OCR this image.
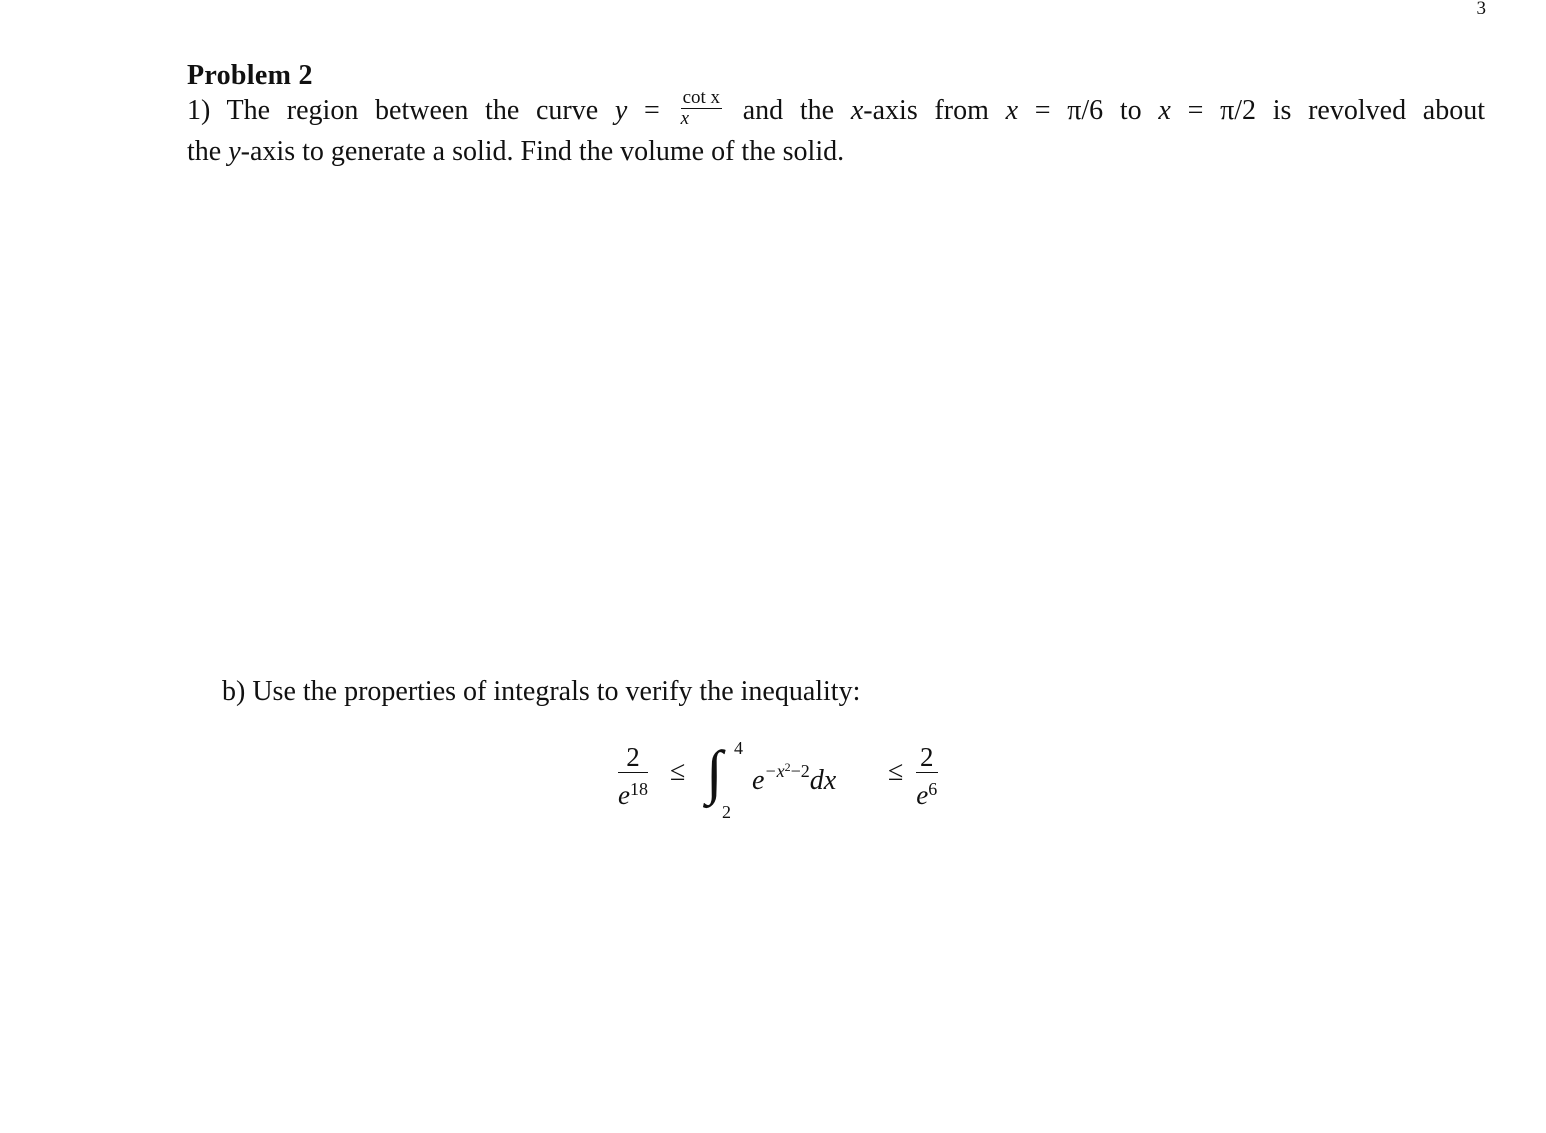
3
Problem 2
1) The region between the curve $y = \frac{\text{cot x}}{x}$ and the x-axis from x = π/6 to x = π/2 is revolved about
the y-axis to generate a solid. Find the volume of the solid.
b) Use the properties of integrals to verify the inequality:
$\frac{2}{e^{18}}$ ≤ ∫ 4
2
$e^{-x^2-2}dx \le \frac{2}{e^6}$
